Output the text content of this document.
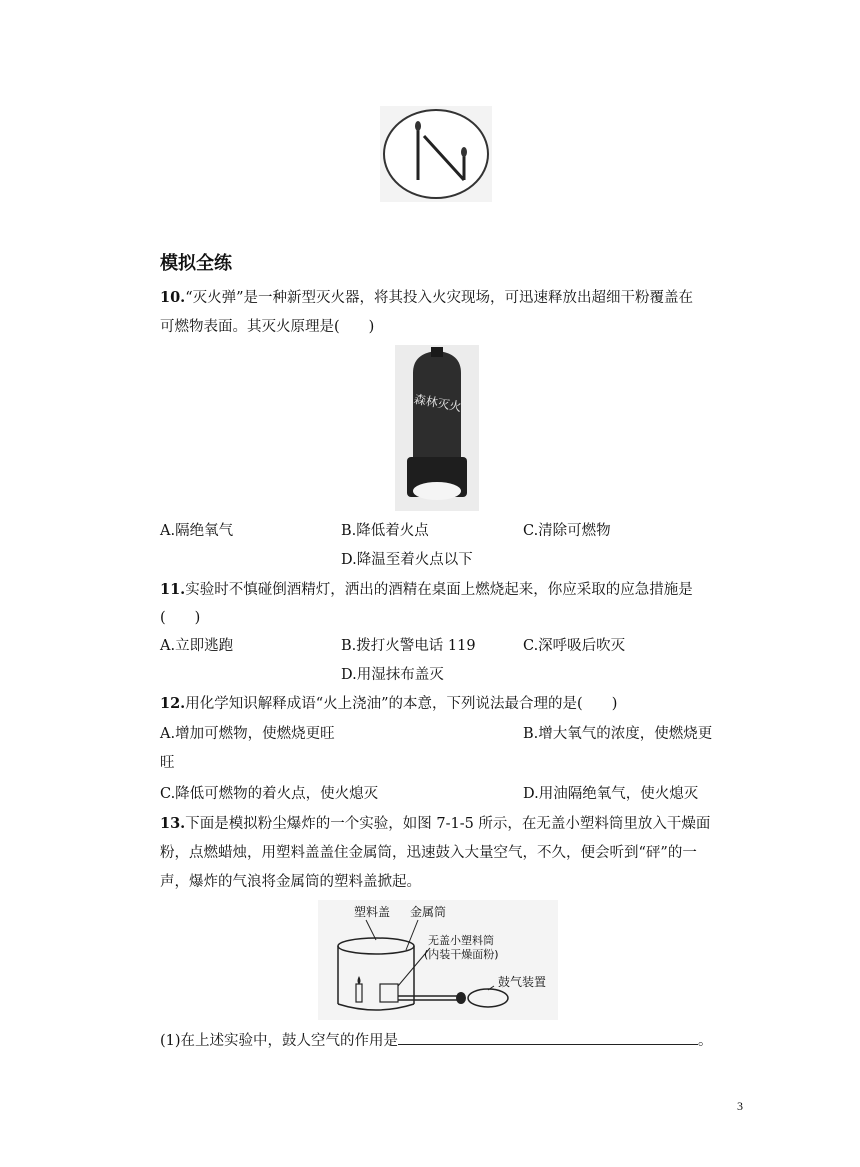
模拟全练
10.“灭火弹”是一种新型灭火器，将其投入火灾现场，可迅速释放出超细干粉覆盖在
可燃物表面。其灭火原理是(　　)
森林灭火
A.隔绝氧气	B.降低着火点	C.清除可燃物
D.降温至着火点以下
11.实验时不慎碰倒酒精灯，洒出的酒精在桌面上燃烧起来，你应采取的应急措施是
(　　)
A.立即逃跑	B.拨打火警电话 119	C.深呼吸后吹灭
D.用湿抹布盖灭
12.用化学知识解释成语“火上浇油”的本意，下列说法最合理的是(　　)
A.增加可燃物，使燃烧更旺	B.增大氧气的浓度，使燃烧更
旺
C.降低可燃物的着火点，使火熄灭	D.用油隔绝氧气，使火熄灭
13.下面是模拟粉尘爆炸的一个实验，如图 7-1-5 所示，在无盖小塑料筒里放入干燥面
粉，点燃蜡烛，用塑料盖盖住金属筒，迅速鼓入大量空气，不久，便会听到“砰”的一
声，爆炸的气浪将金属筒的塑料盖掀起。
塑料盖 金属筒
无盖小塑料筒
(内装干燥面粉)
鼓气装置
(1)在上述实验中，鼓人空气的作用是	。
3
